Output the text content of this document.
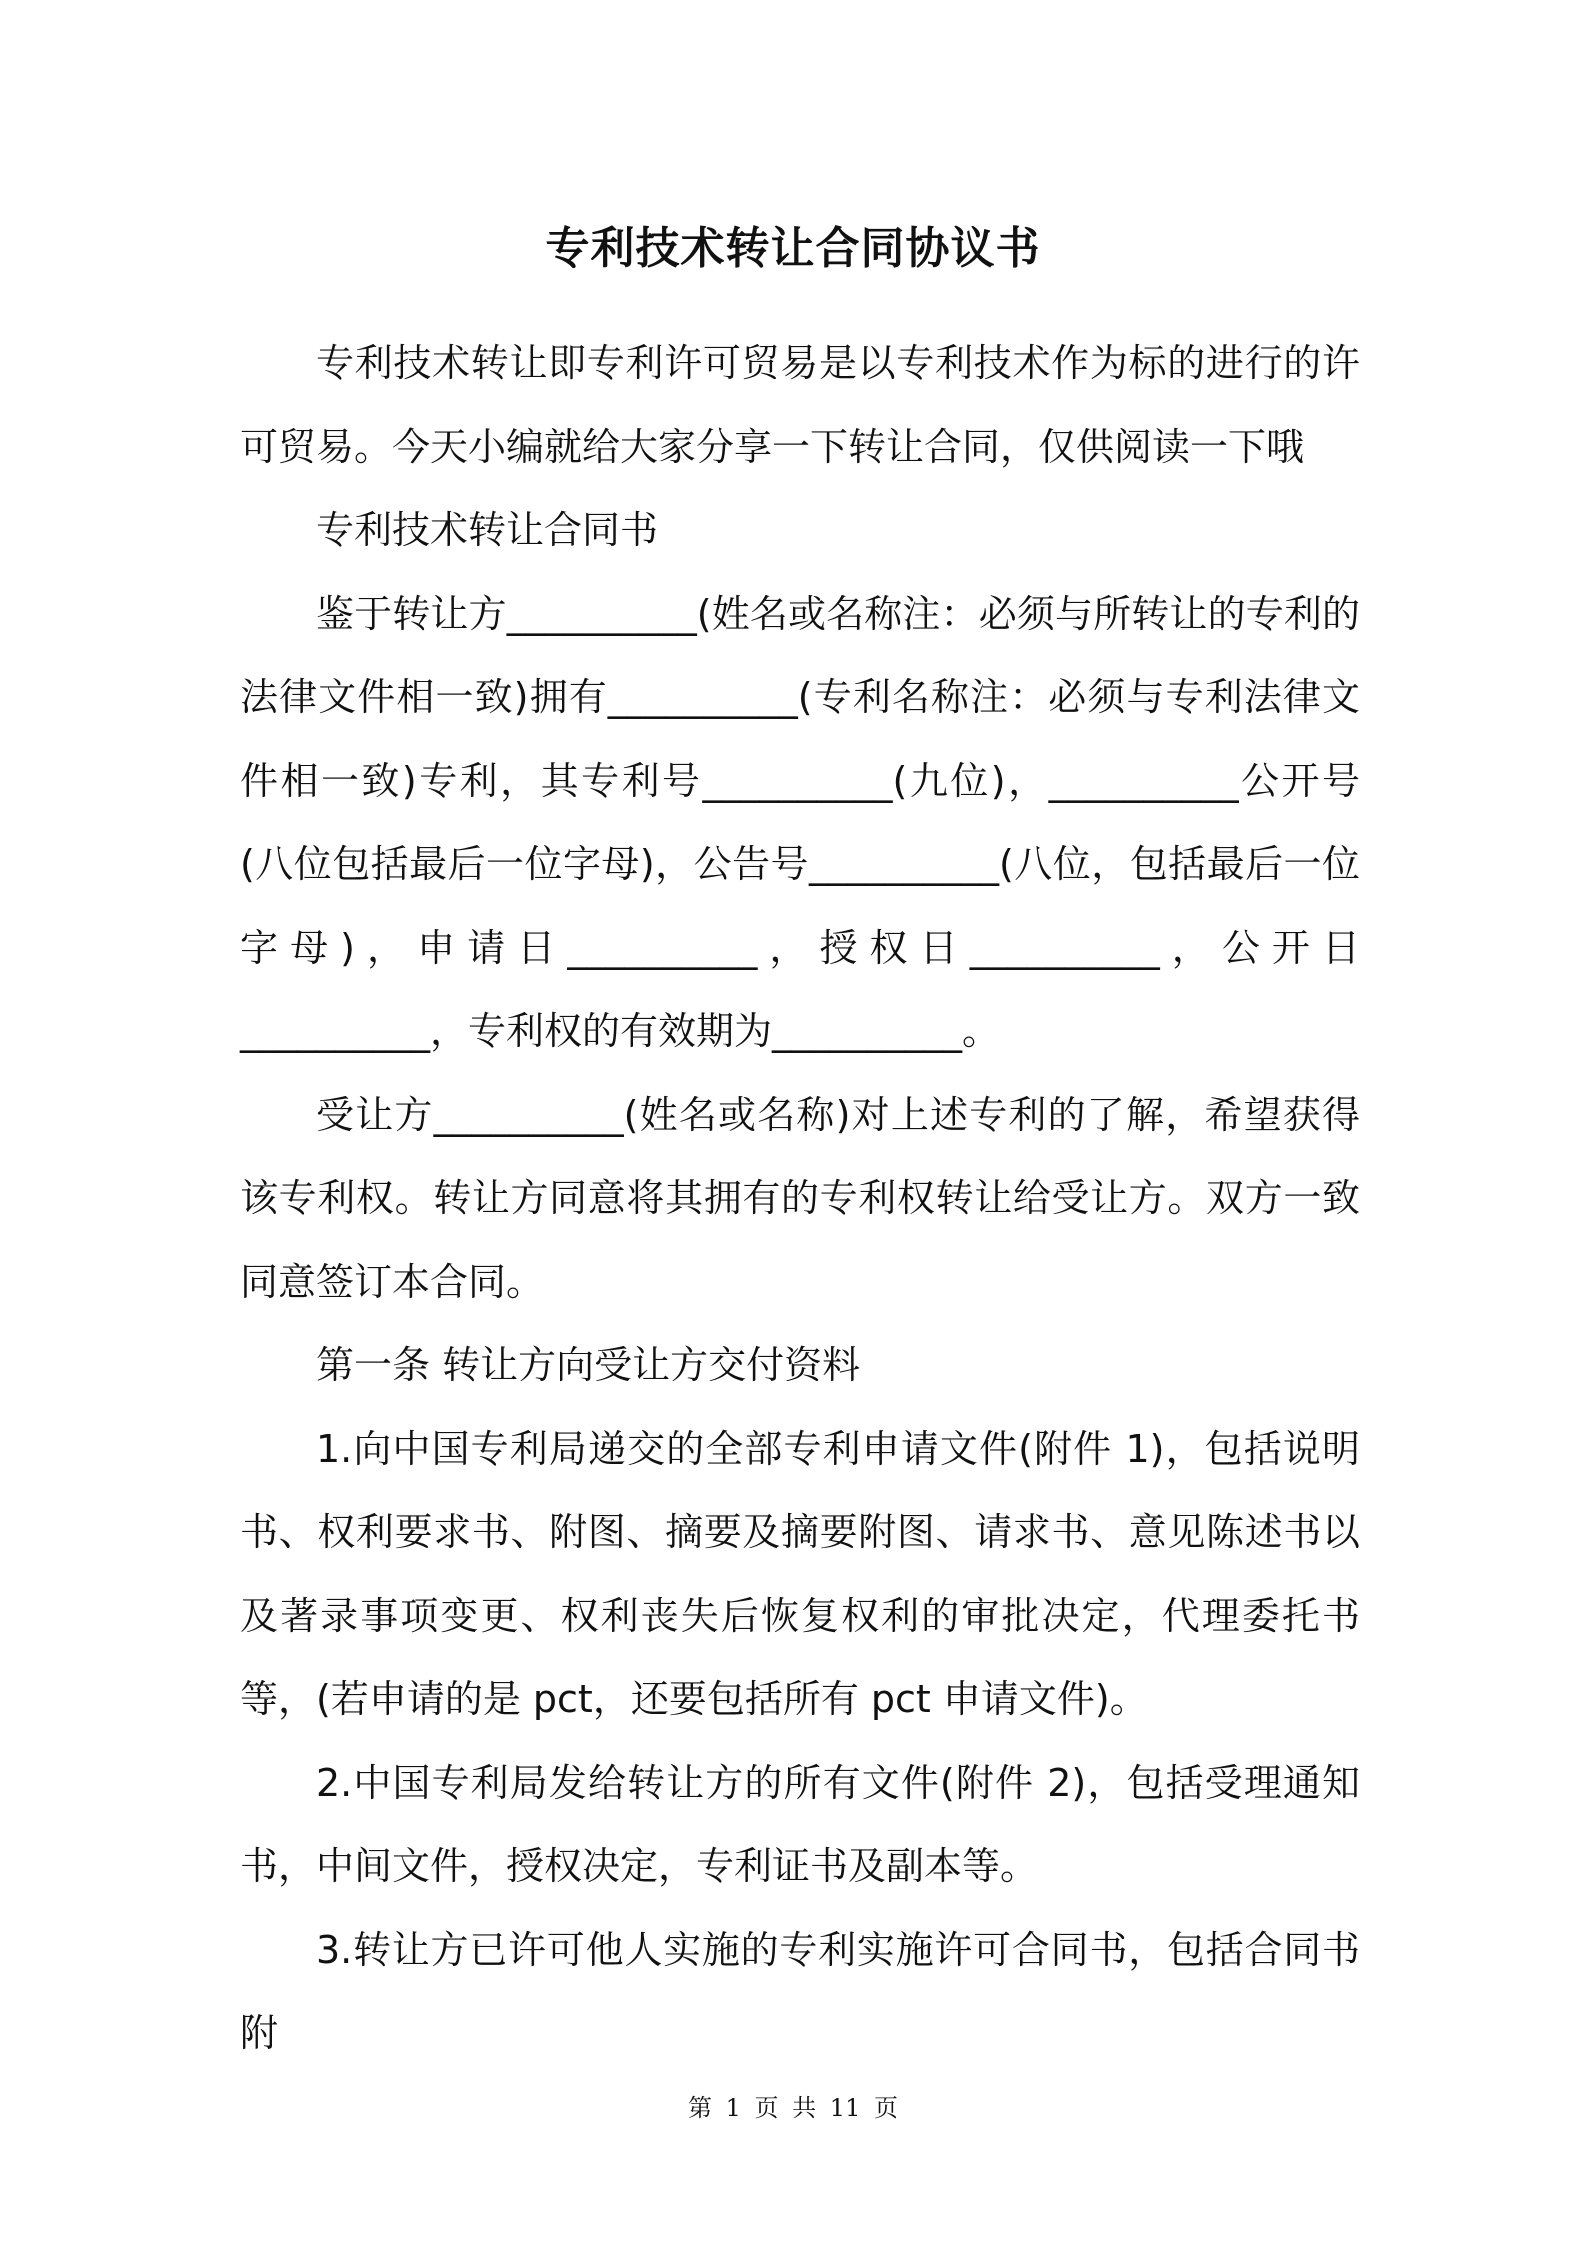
专利技术转让合同协议书

专利技术转让即专利许可贸易是以专利技术作为标的进行的许可贸易。今天小编就给大家分享一下转让合同，仅供阅读一下哦

专利技术转让合同书

鉴于转让方__________(姓名或名称注：必须与所转让的专利的法律文件相一致)拥有__________(专利名称注：必须与专利法律文件相一致)专利，其专利号__________(九位)，__________公开号(八位包括最后一位字母)，公告号__________(八位，包括最后一位字母)，申请日__________，授权日__________，公开日__________，专利权的有效期为__________。

受让方__________(姓名或名称)对上述专利的了解，希望获得该专利权。转让方同意将其拥有的专利权转让给受让方。双方一致同意签订本合同。

第一条 转让方向受让方交付资料

1.向中国专利局递交的全部专利申请文件(附件 1)，包括说明书、权利要求书、附图、摘要及摘要附图、请求书、意见陈述书以及著录事项变更、权利丧失后恢复权利的审批决定，代理委托书等，(若申请的是 pct，还要包括所有 pct 申请文件)。

2.中国专利局发给转让方的所有文件(附件 2)，包括受理通知书，中间文件，授权决定，专利证书及副本等。

3.转让方已许可他人实施的专利实施许可合同书，包括合同书附

第 1 页 共 11 页
